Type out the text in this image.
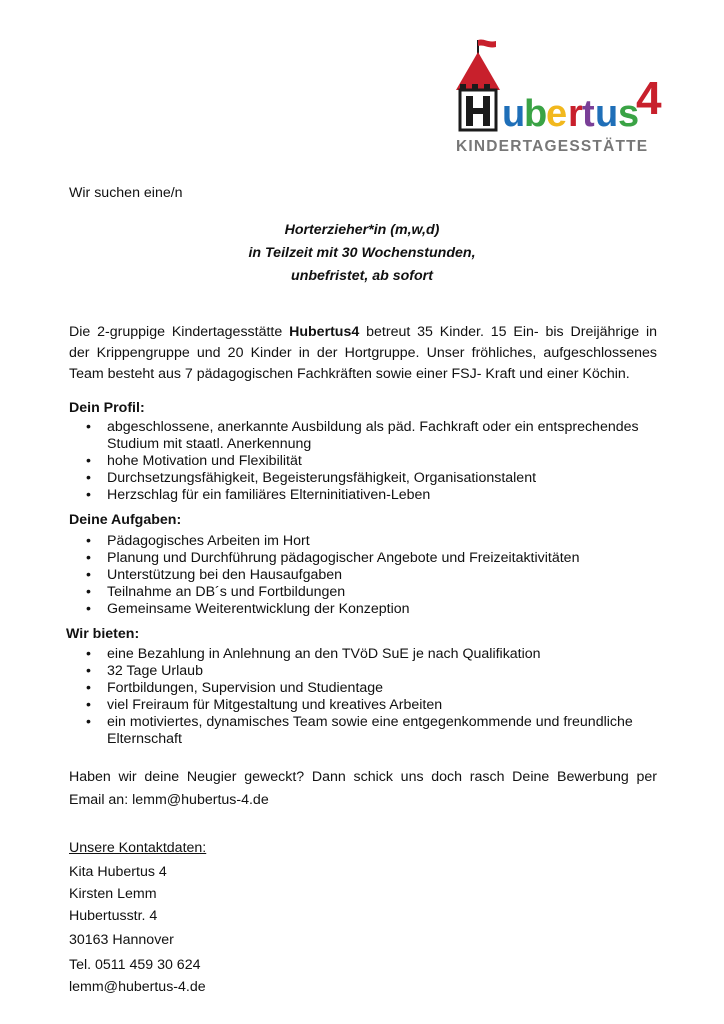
u
b
e r t u s
4
KINDERTAGESSTÄTTE
Wir suchen eine/n
Horterzieher*in (m,w,d)
in Teilzeit mit 30 Wochenstunden,
unbefristet, ab sofort
Die 2-gruppige Kindertagesstätte Hubertus4 betreut 35 Kinder. 15 Ein- bis Dreijährige in
der Krippengruppe und 20 Kinder in der Hortgruppe. Unser fröhliches, aufgeschlossenes
Team besteht aus 7 pädagogischen Fachkräften sowie einer FSJ- Kraft und einer Köchin.
Dein Profil:
• abgeschlossene, anerkannte Ausbildung als päd. Fachkraft oder ein entsprechendes
Studium mit staatl. Anerkennung
• hohe Motivation und Flexibilität
• Durchsetzungsfähigkeit, Begeisterungsfähigkeit, Organisationstalent
• Herzschlag für ein familiäres Elterninitiativen-Leben
Deine Aufgaben:
• Pädagogisches Arbeiten im Hort
• Planung und Durchführung pädagogischer Angebote und Freizeitaktivitäten
• Unterstützung bei den Hausaufgaben
• Teilnahme an DB´s und Fortbildungen
• Gemeinsame Weiterentwicklung der Konzeption
Wir bieten:
• eine Bezahlung in Anlehnung an den TVöD SuE je nach Qualifikation
• 32 Tage Urlaub
• Fortbildungen, Supervision und Studientage
• viel Freiraum für Mitgestaltung und kreatives Arbeiten
• ein motiviertes, dynamisches Team sowie eine entgegenkommende und freundliche
Elternschaft
Haben wir deine Neugier geweckt? Dann schick uns doch rasch Deine Bewerbung per
Email an: lemm@hubertus-4.de
Unsere Kontaktdaten:
Kita Hubertus 4
Kirsten Lemm
Hubertusstr. 4
30163 Hannover
Tel. 0511 459 30 624
lemm@hubertus-4.de
